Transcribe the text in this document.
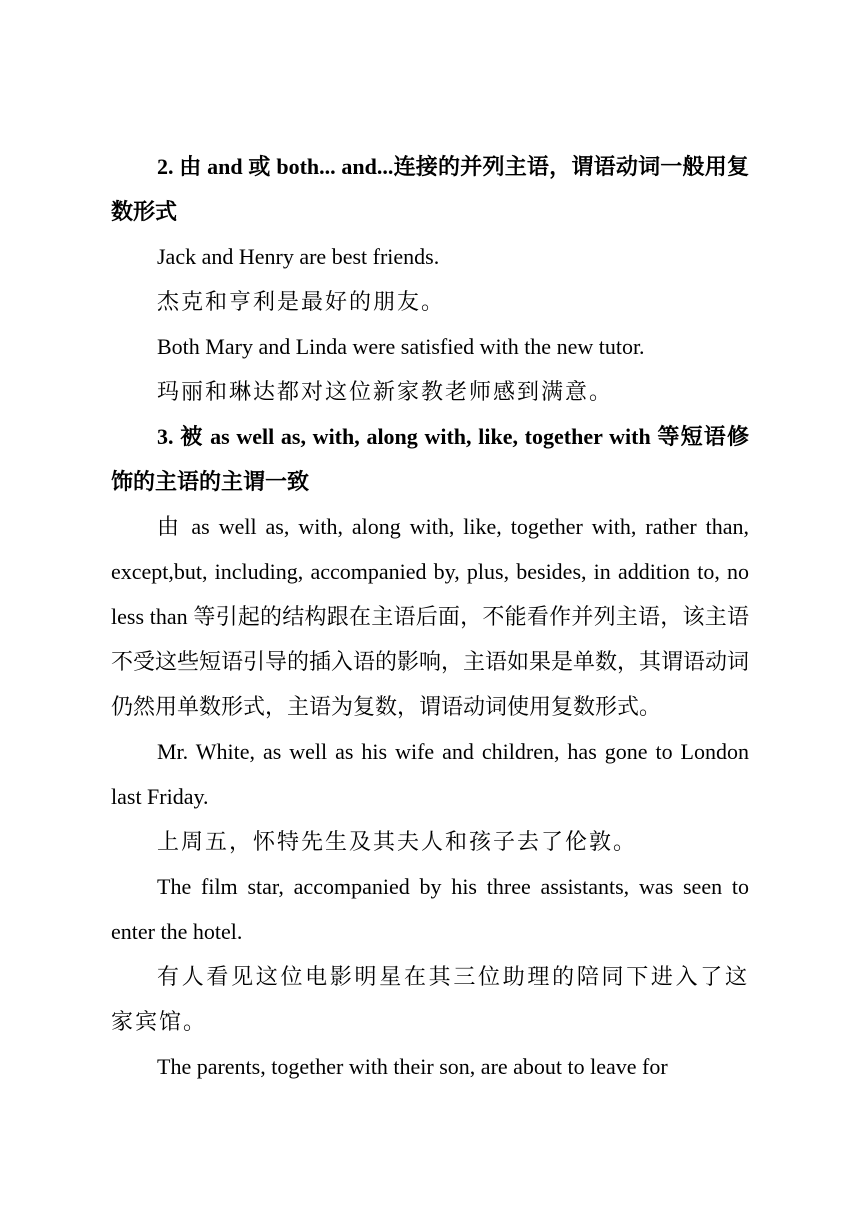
2. 由 and 或 both... and...连接的并列主语，谓语动词一般用复数形式

Jack and Henry are best friends.

杰克和亨利是最好的朋友。

Both Mary and Linda were satisfied with the new tutor.

玛丽和琳达都对这位新家教老师感到满意。

3. 被 as well as, with, along with, like, together with 等短语修饰的主语的主谓一致

由 as well as, with, along with, like, together with, rather than, except,but, including, accompanied by, plus, besides, in addition to, no less than 等引起的结构跟在主语后面，不能看作并列主语，该主语不受这些短语引导的插入语的影响，主语如果是单数，其谓语动词仍然用单数形式，主语为复数，谓语动词使用复数形式。

Mr. White, as well as his wife and children, has gone to London last Friday.

上周五，怀特先生及其夫人和孩子去了伦敦。

The film star, accompanied by his three assistants, was seen to enter the hotel.

有人看见这位电影明星在其三位助理的陪同下进入了这家宾馆。

The parents, together with their son, are about to leave for
